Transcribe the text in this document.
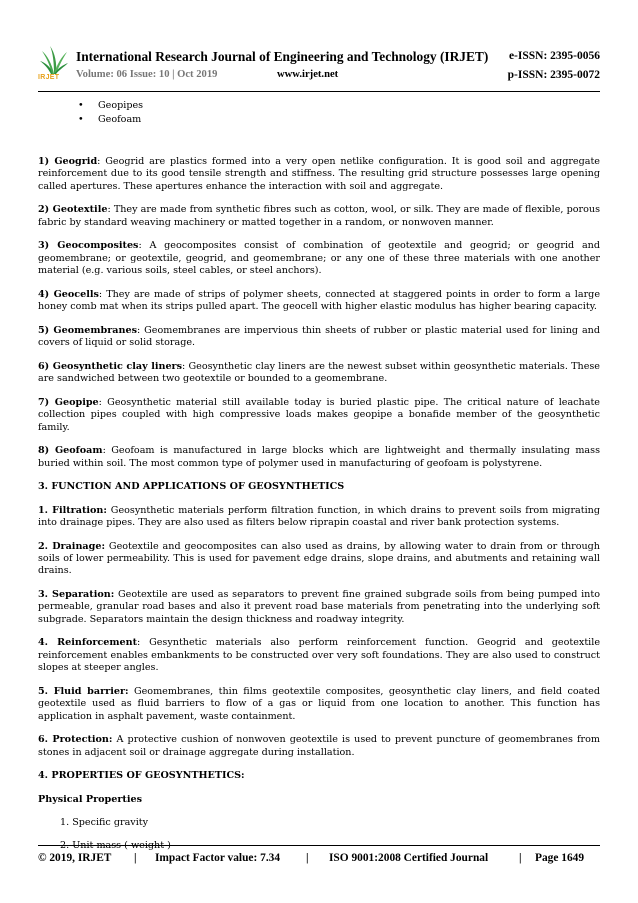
IRJET
International Research Journal of Engineering and Technology (IRJET) e-ISSN: 2395-0056
Volume: 06 Issue: 10 | Oct 2019	www.irjet.net	p-ISSN: 2395-0072
• Geopipes
• Geofoam

1) Geogrid: Geogrid are plastics formed into a very open netlike configuration. It is good soil and aggregate reinforcement due to its good tensile strength and stiffness. The resulting grid structure possesses large opening called apertures. These apertures enhance the interaction with soil and aggregate.

2) Geotextile: They are made from synthetic fibres such as cotton, wool, or silk. They are made of flexible, porous fabric by standard weaving machinery or matted together in a random, or nonwoven manner.

3) Geocomposites: A geocomposites consist of combination of geotextile and geogrid; or geogrid and geomembrane; or geotextile, geogrid, and geomembrane; or any one of these three materials with one another material (e.g. various soils, steel cables, or steel anchors).

4) Geocells: They are made of strips of polymer sheets, connected at staggered points in order to form a large honey comb mat when its strips pulled apart. The geocell with higher elastic modulus has higher bearing capacity.

5) Geomembranes: Geomembranes are impervious thin sheets of rubber or plastic material used for lining and covers of liquid or solid storage.

6) Geosynthetic clay liners: Geosynthetic clay liners are the newest subset within geosynthetic materials. These are sandwiched between two geotextile or bounded to a geomembrane.

7) Geopipe: Geosynthetic material still available today is buried plastic pipe. The critical nature of leachate collection pipes coupled with high compressive loads makes geopipe a bonafide member of the geosynthetic family.

8) Geofoam: Geofoam is manufactured in large blocks which are lightweight and thermally insulating mass buried within soil. The most common type of polymer used in manufacturing of geofoam is polystyrene.

3. FUNCTION AND APPLICATIONS OF GEOSYNTHETICS

1. Filtration: Geosynthetic materials perform filtration function, in which drains to prevent soils from migrating into drainage pipes. They are also used as filters below riprapin coastal and river bank protection systems.

2. Drainage: Geotextile and geocomposites can also used as drains, by allowing water to drain from or through soils of lower permeability. This is used for pavement edge drains, slope drains, and abutments and retaining wall drains.

3. Separation: Geotextile are used as separators to prevent fine grained subgrade soils from being pumped into permeable, granular road bases and also it prevent road base materials from penetrating into the underlying soft subgrade. Separators maintain the design thickness and roadway integrity.

4. Reinforcement: Gesynthetic materials also perform reinforcement function. Geogrid and geotextile reinforcement enables embankments to be constructed over very soft foundations. They are also used to construct slopes at steeper angles.

5. Fluid barrier: Geomembranes, thin films geotextile composites, geosynthetic clay liners, and field coated geotextile used as fluid barriers to flow of a gas or liquid from one location to another. This function has application in asphalt pavement, waste containment.

6. Protection: A protective cushion of nonwoven geotextile is used to prevent puncture of geomembranes from stones in adjacent soil or drainage aggregate during installation.

4. PROPERTIES OF GEOSYNTHETICS:

Physical Properties

1. Specific gravity
2. Unit mass ( weight )
© 2019, IRJET | Impact Factor value: 7.34 | ISO 9001:2008 Certified Journal	| Page 1649
